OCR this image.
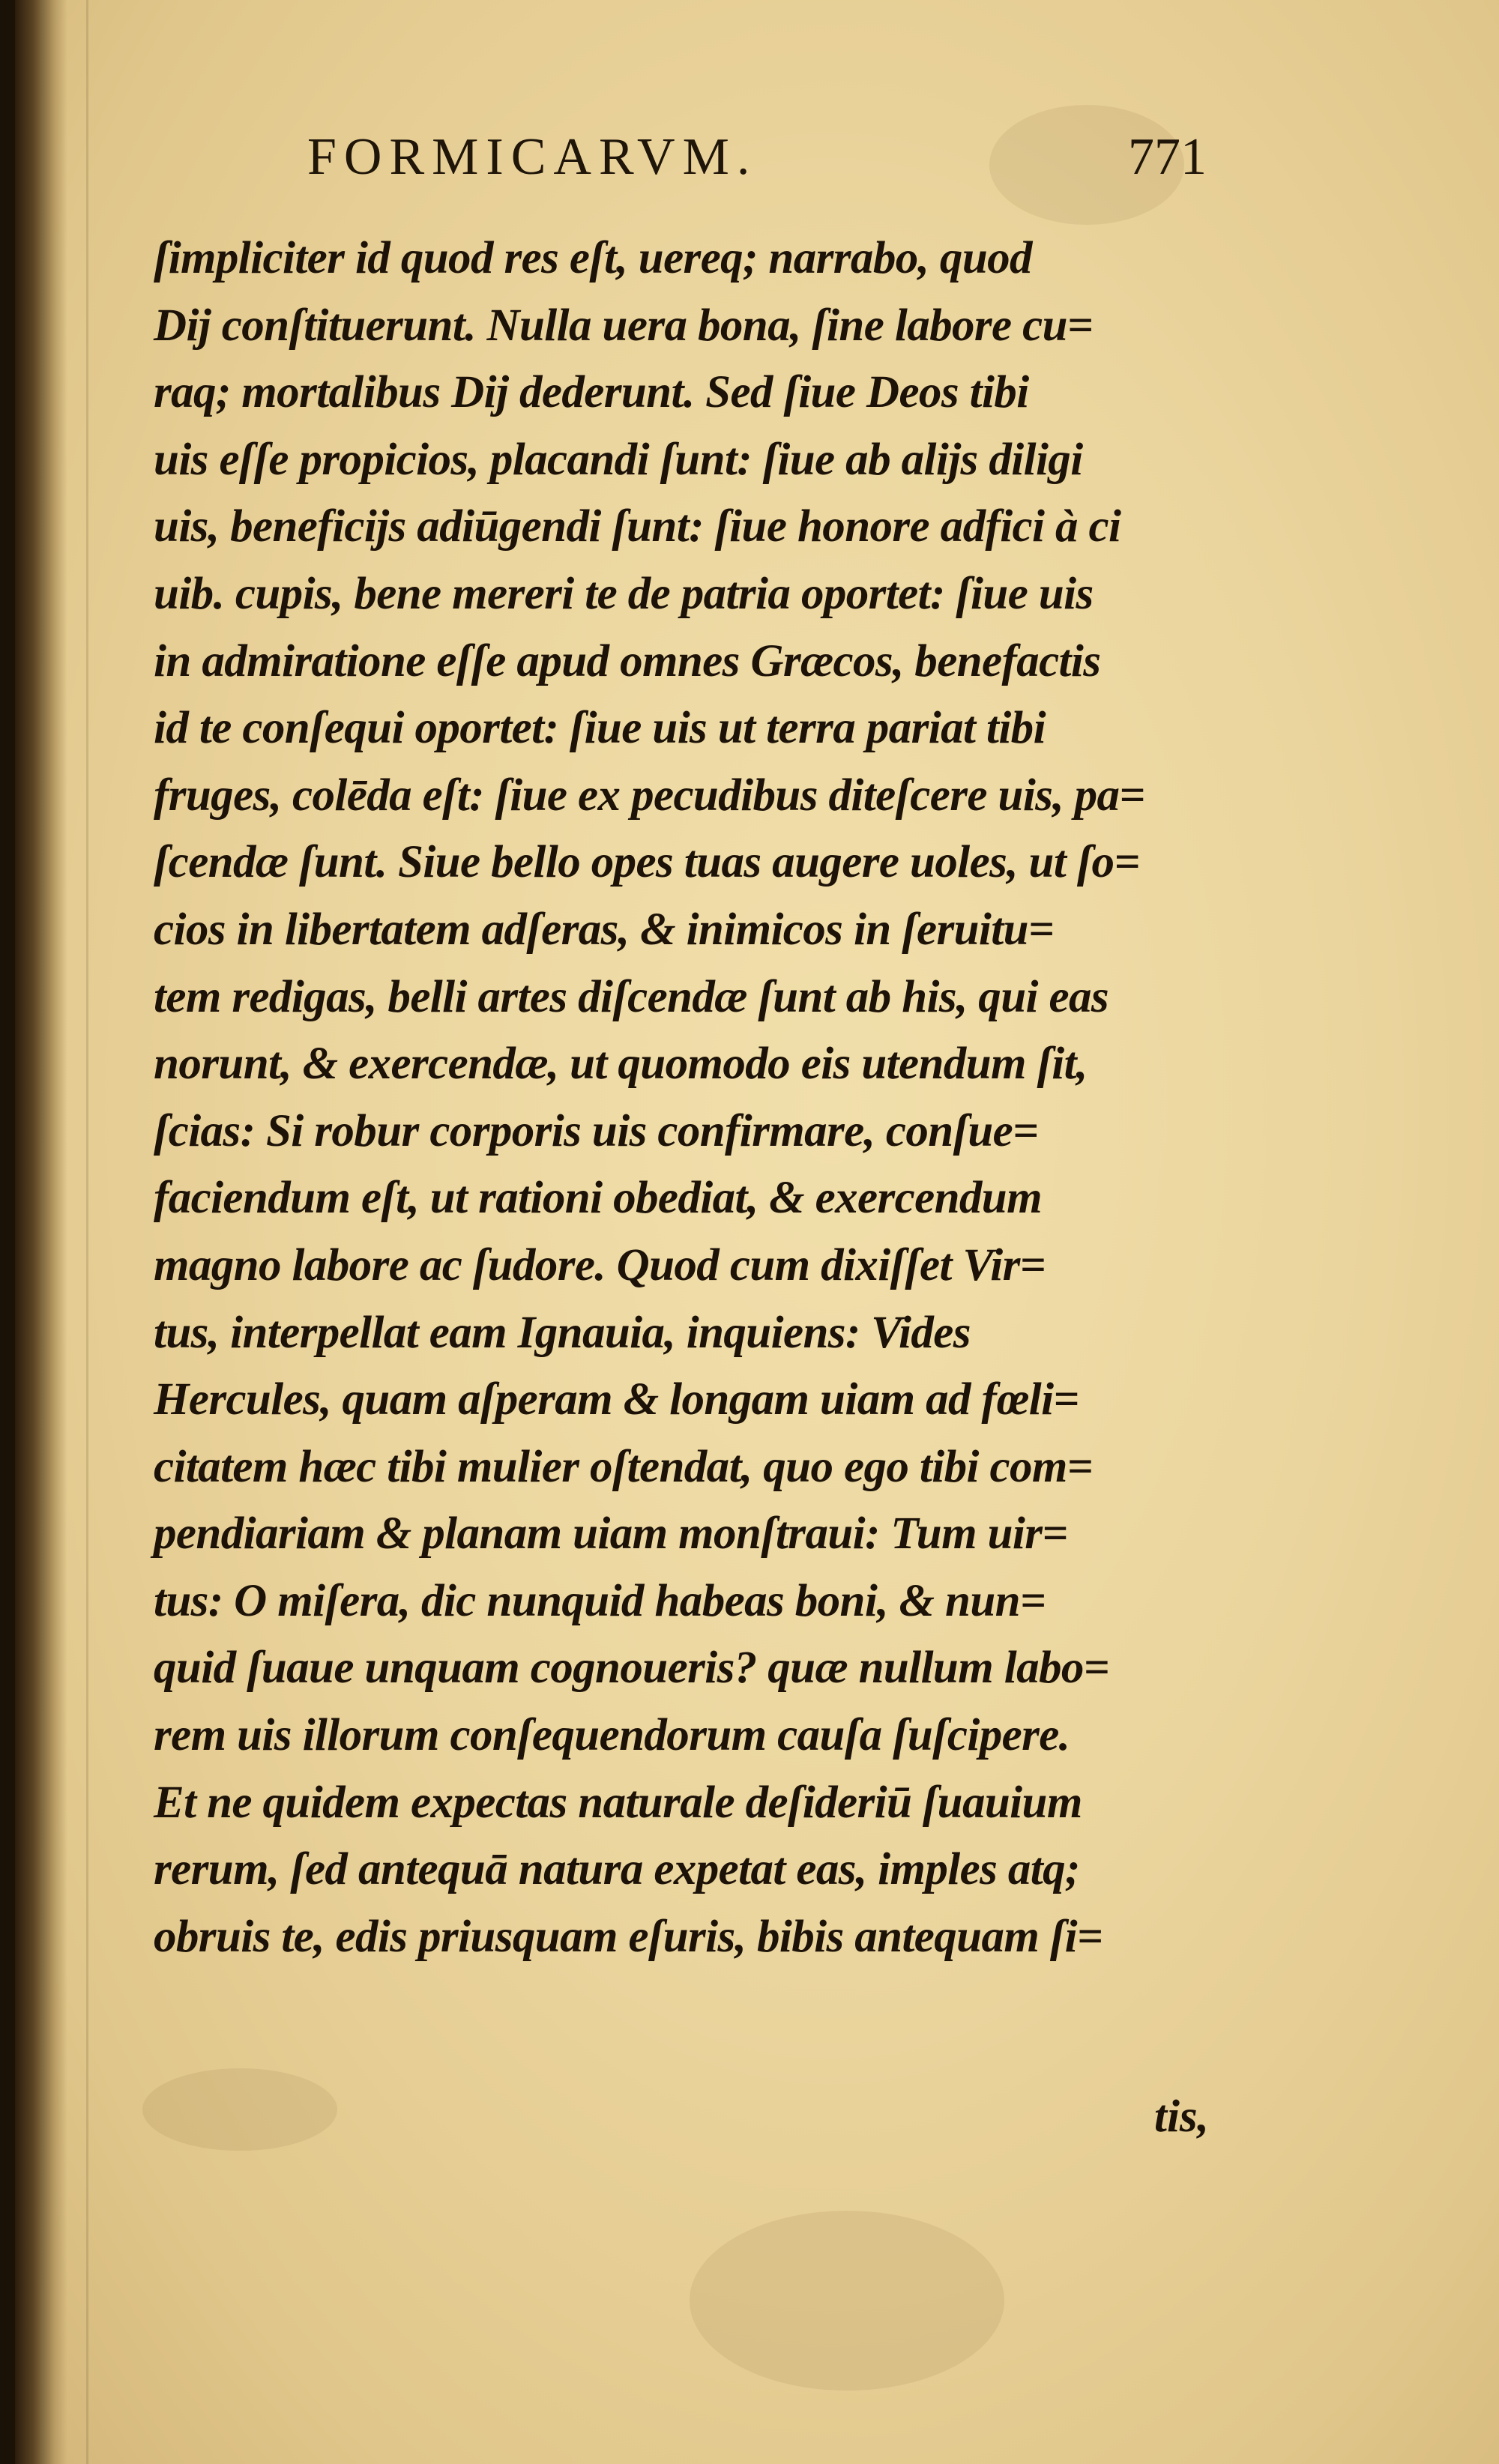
FORMICARVM.	771
ſimpliciter id quod res eſt, uereq; narrabo, quod
Dij conſtituerunt. Nulla uera bona, ſine labore cu=
raq; mortalibus Dij dederunt. Sed ſiue Deos tibi
uis eſſe propicios, placandi ſunt: ſiue ab alijs diligi
uis, beneficijs adiūgendi ſunt: ſiue honore adfici à ci
uib. cupis, bene mereri te de patria oportet: ſiue uis
in admiratione eſſe apud omnes Græcos, benefactis
id te conſequi oportet: ſiue uis ut terra pariat tibi
fruges, colēda eſt: ſiue ex pecudibus diteſcere uis, pa=
ſcendæ ſunt. Siue bello opes tuas augere uoles, ut ſo=
cios in libertatem adſeras, & inimicos in ſeruitu=
tem redigas, belli artes diſcendæ ſunt ab his, qui eas
norunt, & exercendæ, ut quomodo eis utendum ſit,
ſcias: Si robur corporis uis confirmare, conſue=
faciendum eſt, ut rationi obediat, & exercendum
magno labore ac ſudore. Quod cum dixiſſet Vir=
tus, interpellat eam Ignauia, inquiens: Vides
Hercules, quam aſperam & longam uiam ad fœli=
citatem hæc tibi mulier oſtendat, quo ego tibi com=
pendiariam & planam uiam monſtraui: Tum uir=
tus: O miſera, dic nunquid habeas boni, & nun=
quid ſuaue unquam cognoueris? quæ nullum labo=
rem uis illorum conſequendorum cauſa ſuſcipere.
Et ne quidem expectas naturale deſideriū ſuauium
rerum, ſed antequā natura expetat eas, imples atq;
obruis te, edis priusquam eſuris, bibis antequam ſi=
tis,
